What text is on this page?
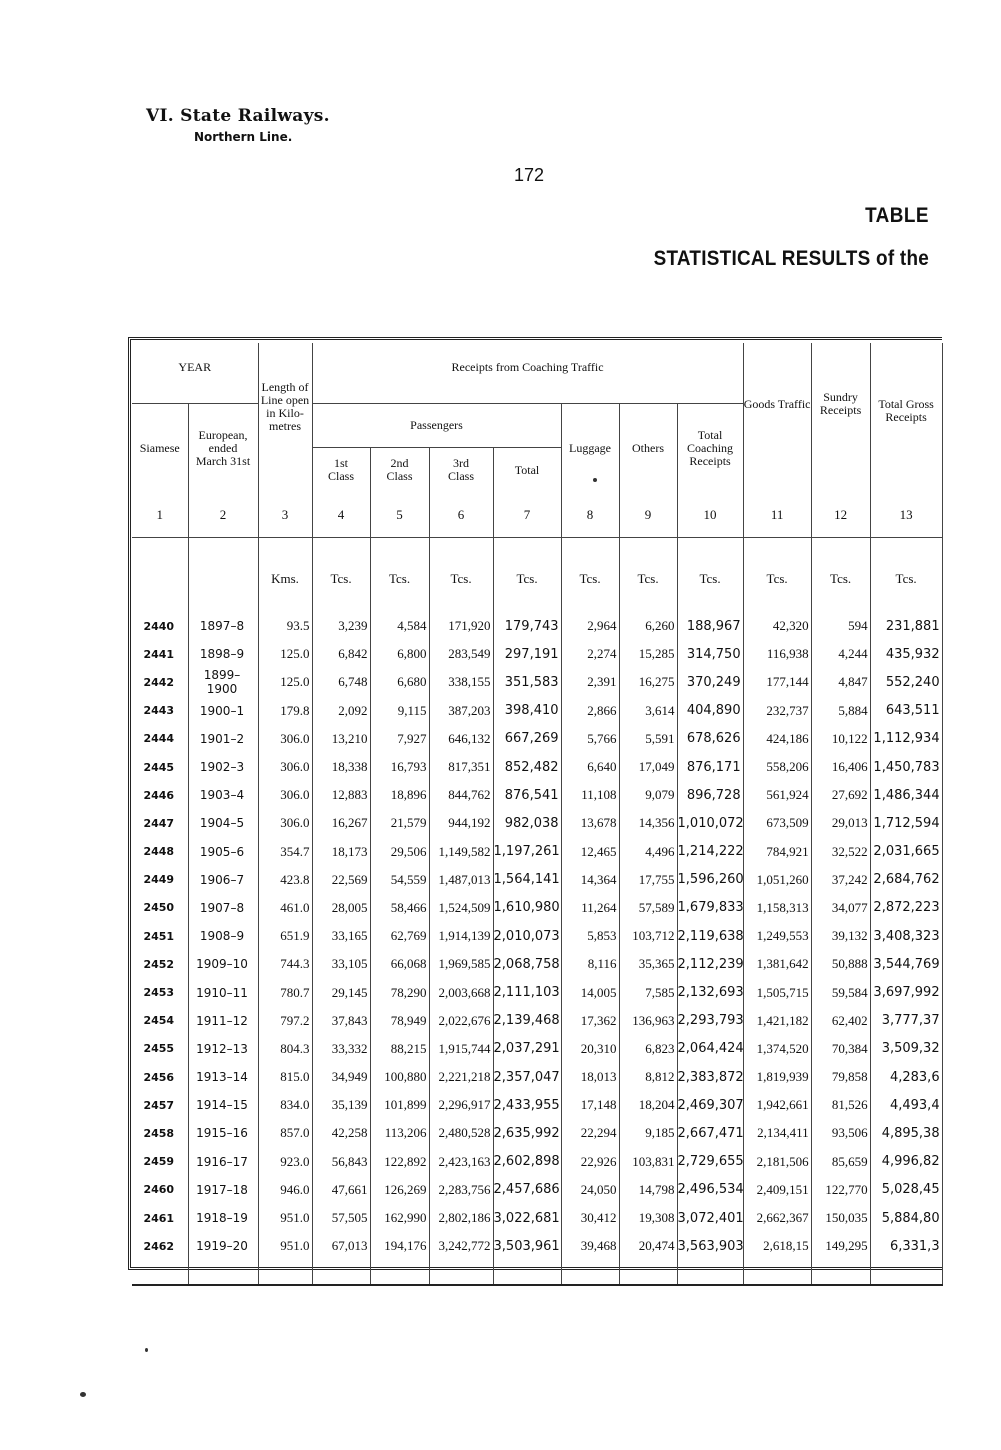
VI. State Railways.
Northern Line.
172
TABLE
STATISTICAL RESULTS of the
YEAR		Length of Line open in Kilo- metres	Receipts from Coaching Traffic							Goods Traffic	Sundry Receipts	Total Gross Receipts
Siamese	European, ended March 31st		Passengers				Luggage	Others	Total Coaching Receipts			
			1st Class	2nd Class	3rd Class	Total						
1	2	3	4	5	6	7	8	9	10	11	12	13
		Kms.	Tcs.	Tcs.	Tcs.	Tcs.	Tcs.	Tcs.	Tcs.	Tcs.	Tcs.	Tcs.
2440	1897–8	93.5	3,239	4,584	171,920	179,743	2,964	6,260	188,967	42,320	594	231,881
2441	1898–9	125.0	6,842	6,800	283,549	297,191	2,274	15,285	314,750	116,938	4,244	435,932
2442	1899–1900	125.0	6,748	6,680	338,155	351,583	2,391	16,275	370,249	177,144	4,847	552,240
2443	1900–1	179.8	2,092	9,115	387,203	398,410	2,866	3,614	404,890	232,737	5,884	643,511
2444	1901–2	306.0	13,210	7,927	646,132	667,269	5,766	5,591	678,626	424,186	10,122	1,112,934
2445	1902–3	306.0	18,338	16,793	817,351	852,482	6,640	17,049	876,171	558,206	16,406	1,450,783
2446	1903–4	306.0	12,883	18,896	844,762	876,541	11,108	9,079	896,728	561,924	27,692	1,486,344
2447	1904–5	306.0	16,267	21,579	944,192	982,038	13,678	14,356	1,010,072	673,509	29,013	1,712,594
2448	1905–6	354.7	18,173	29,506	1,149,582	1,197,261	12,465	4,496	1,214,222	784,921	32,522	2,031,665
2449	1906–7	423.8	22,569	54,559	1,487,013	1,564,141	14,364	17,755	1,596,260	1,051,260	37,242	2,684,762
2450	1907–8	461.0	28,005	58,466	1,524,509	1,610,980	11,264	57,589	1,679,833	1,158,313	34,077	2,872,223
2451	1908–9	651.9	33,165	62,769	1,914,139	2,010,073	5,853	103,712	2,119,638	1,249,553	39,132	3,408,323
2452	1909–10	744.3	33,105	66,068	1,969,585	2,068,758	8,116	35,365	2,112,239	1,381,642	50,888	3,544,769
2453	1910–11	780.7	29,145	78,290	2,003,668	2,111,103	14,005	7,585	2,132,693	1,505,715	59,584	3,697,992
2454	1911–12	797.2	37,843	78,949	2,022,676	2,139,468	17,362	136,963	2,293,793	1,421,182	62,402	3,777,37
2455	1912–13	804.3	33,332	88,215	1,915,744	2,037,291	20,310	6,823	2,064,424	1,374,520	70,384	3,509,32
2456	1913–14	815.0	34,949	100,880	2,221,218	2,357,047	18,013	8,812	2,383,872	1,819,939	79,858	4,283,6
2457	1914–15	834.0	35,139	101,899	2,296,917	2,433,955	17,148	18,204	2,469,307	1,942,661	81,526	4,493,4
2458	1915–16	857.0	42,258	113,206	2,480,528	2,635,992	22,294	9,185	2,667,471	2,134,411	93,506	4,895,38
2459	1916–17	923.0	56,843	122,892	2,423,163	2,602,898	22,926	103,831	2,729,655	2,181,506	85,659	4,996,82
2460	1917–18	946.0	47,661	126,269	2,283,756	2,457,686	24,050	14,798	2,496,534	2,409,151	122,770	5,028,45
2461	1918–19	951.0	57,505	162,990	2,802,186	3,022,681	30,412	19,308	3,072,401	2,662,367	150,035	5,884,80
2462	1919–20	951.0	67,013	194,176	3,242,772	3,503,961	39,468	20,474	3,563,903	2,618,15	149,295	6,331,3
